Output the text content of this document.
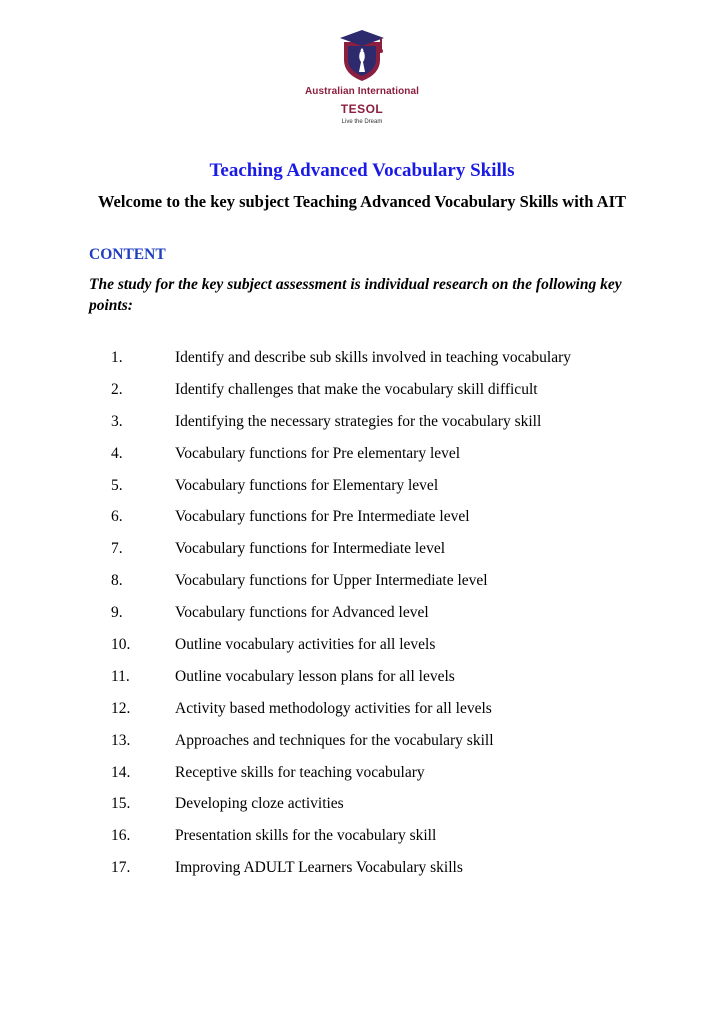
Australian International
TESOL
Live the Dream
Teaching Advanced Vocabulary Skills
Welcome to the key subject Teaching Advanced Vocabulary Skills with AIT
CONTENT
The study for the key subject assessment is individual research on the following key points:
1.	Identify and describe sub skills involved in teaching vocabulary
2.	Identify challenges that make the vocabulary skill difficult
3.	Identifying the necessary strategies for the vocabulary skill
4.	Vocabulary functions for Pre elementary level
5.	Vocabulary functions for Elementary level
6.	Vocabulary functions for Pre Intermediate level
7.	Vocabulary functions for Intermediate level
8.	Vocabulary functions for Upper Intermediate level
9.	Vocabulary functions for Advanced level
10.	Outline vocabulary activities for all levels
11.	Outline vocabulary lesson plans for all levels
12.	Activity based methodology activities for all levels
13.	Approaches and techniques for the vocabulary skill
14.	Receptive skills for teaching vocabulary
15.	Developing cloze activities
16.	Presentation skills for the vocabulary skill
17.	Improving ADULT Learners Vocabulary skills
